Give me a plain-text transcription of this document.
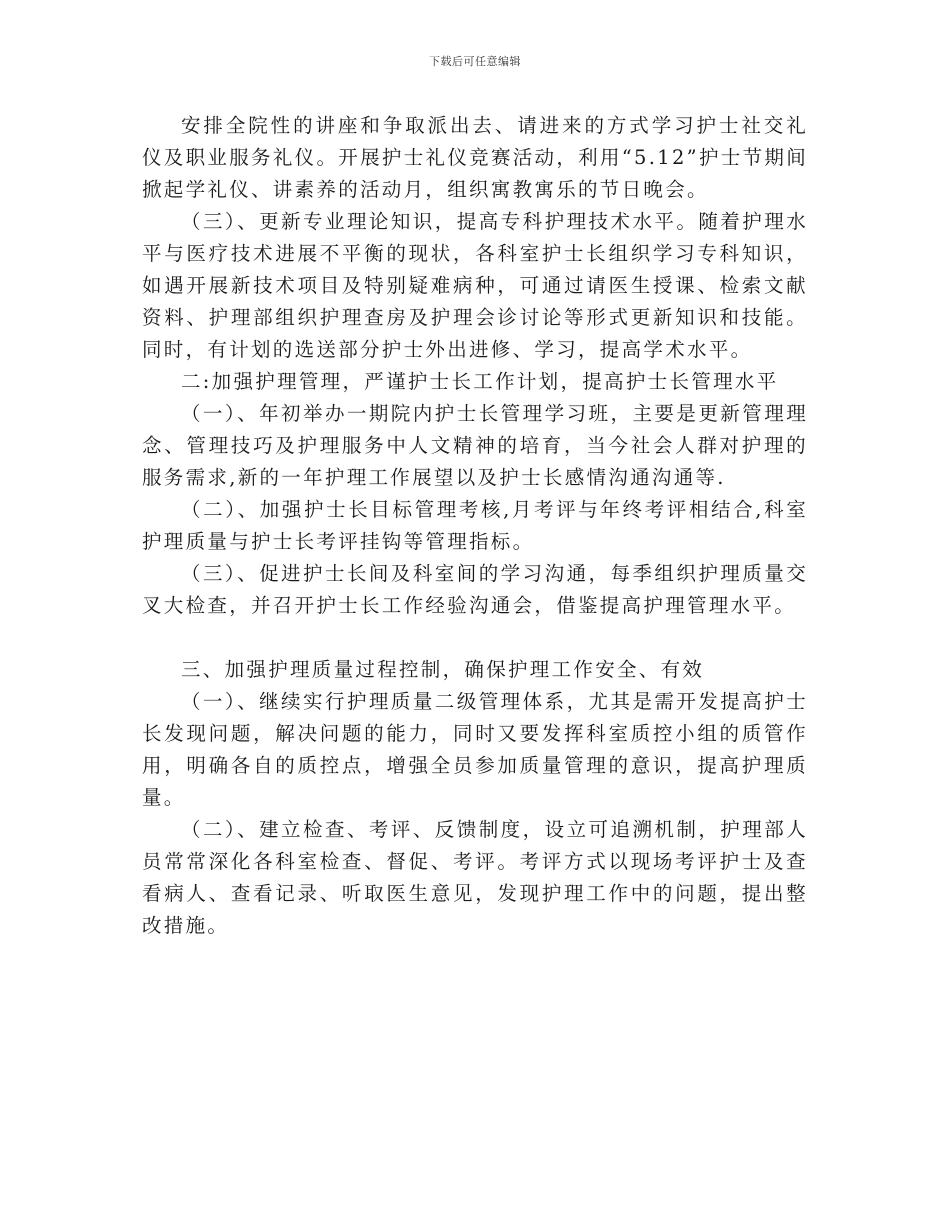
下载后可任意编辑

安排全院性的讲座和争取派出去、请进来的方式学习护士社交礼仪及职业服务礼仪。开展护士礼仪竞赛活动，利用“5.12”护士节期间掀起学礼仪、讲素养的活动月，组织寓教寓乐的节日晚会。

（三）、更新专业理论知识，提高专科护理技术水平。随着护理水平与医疗技术进展不平衡的现状，各科室护士长组织学习专科知识，如遇开展新技术项目及特别疑难病种，可通过请医生授课、检索文献资料、护理部组织护理查房及护理会诊讨论等形式更新知识和技能。同时，有计划的选送部分护士外出进修、学习，提高学术水平。

二:加强护理管理，严谨护士长工作计划，提高护士长管理水平

（一）、年初举办一期院内护士长管理学习班，主要是更新管理理念、管理技巧及护理服务中人文精神的培育，当今社会人群对护理的服务需求,新的一年护理工作展望以及护士长感情沟通沟通等.

（二）、加强护士长目标管理考核,月考评与年终考评相结合,科室护理质量与护士长考评挂钩等管理指标。

（三）、促进护士长间及科室间的学习沟通，每季组织护理质量交叉大检查，并召开护士长工作经验沟通会，借鉴提高护理管理水平。

三、加强护理质量过程控制，确保护理工作安全、有效

（一）、继续实行护理质量二级管理体系，尤其是需开发提高护士长发现问题，解决问题的能力，同时又要发挥科室质控小组的质管作用，明确各自的质控点，增强全员参加质量管理的意识，提高护理质量。

（二）、建立检查、考评、反馈制度，设立可追溯机制，护理部人员常常深化各科室检查、督促、考评。考评方式以现场考评护士及查看病人、查看记录、听取医生意见，发现护理工作中的问题，提出整改措施。
